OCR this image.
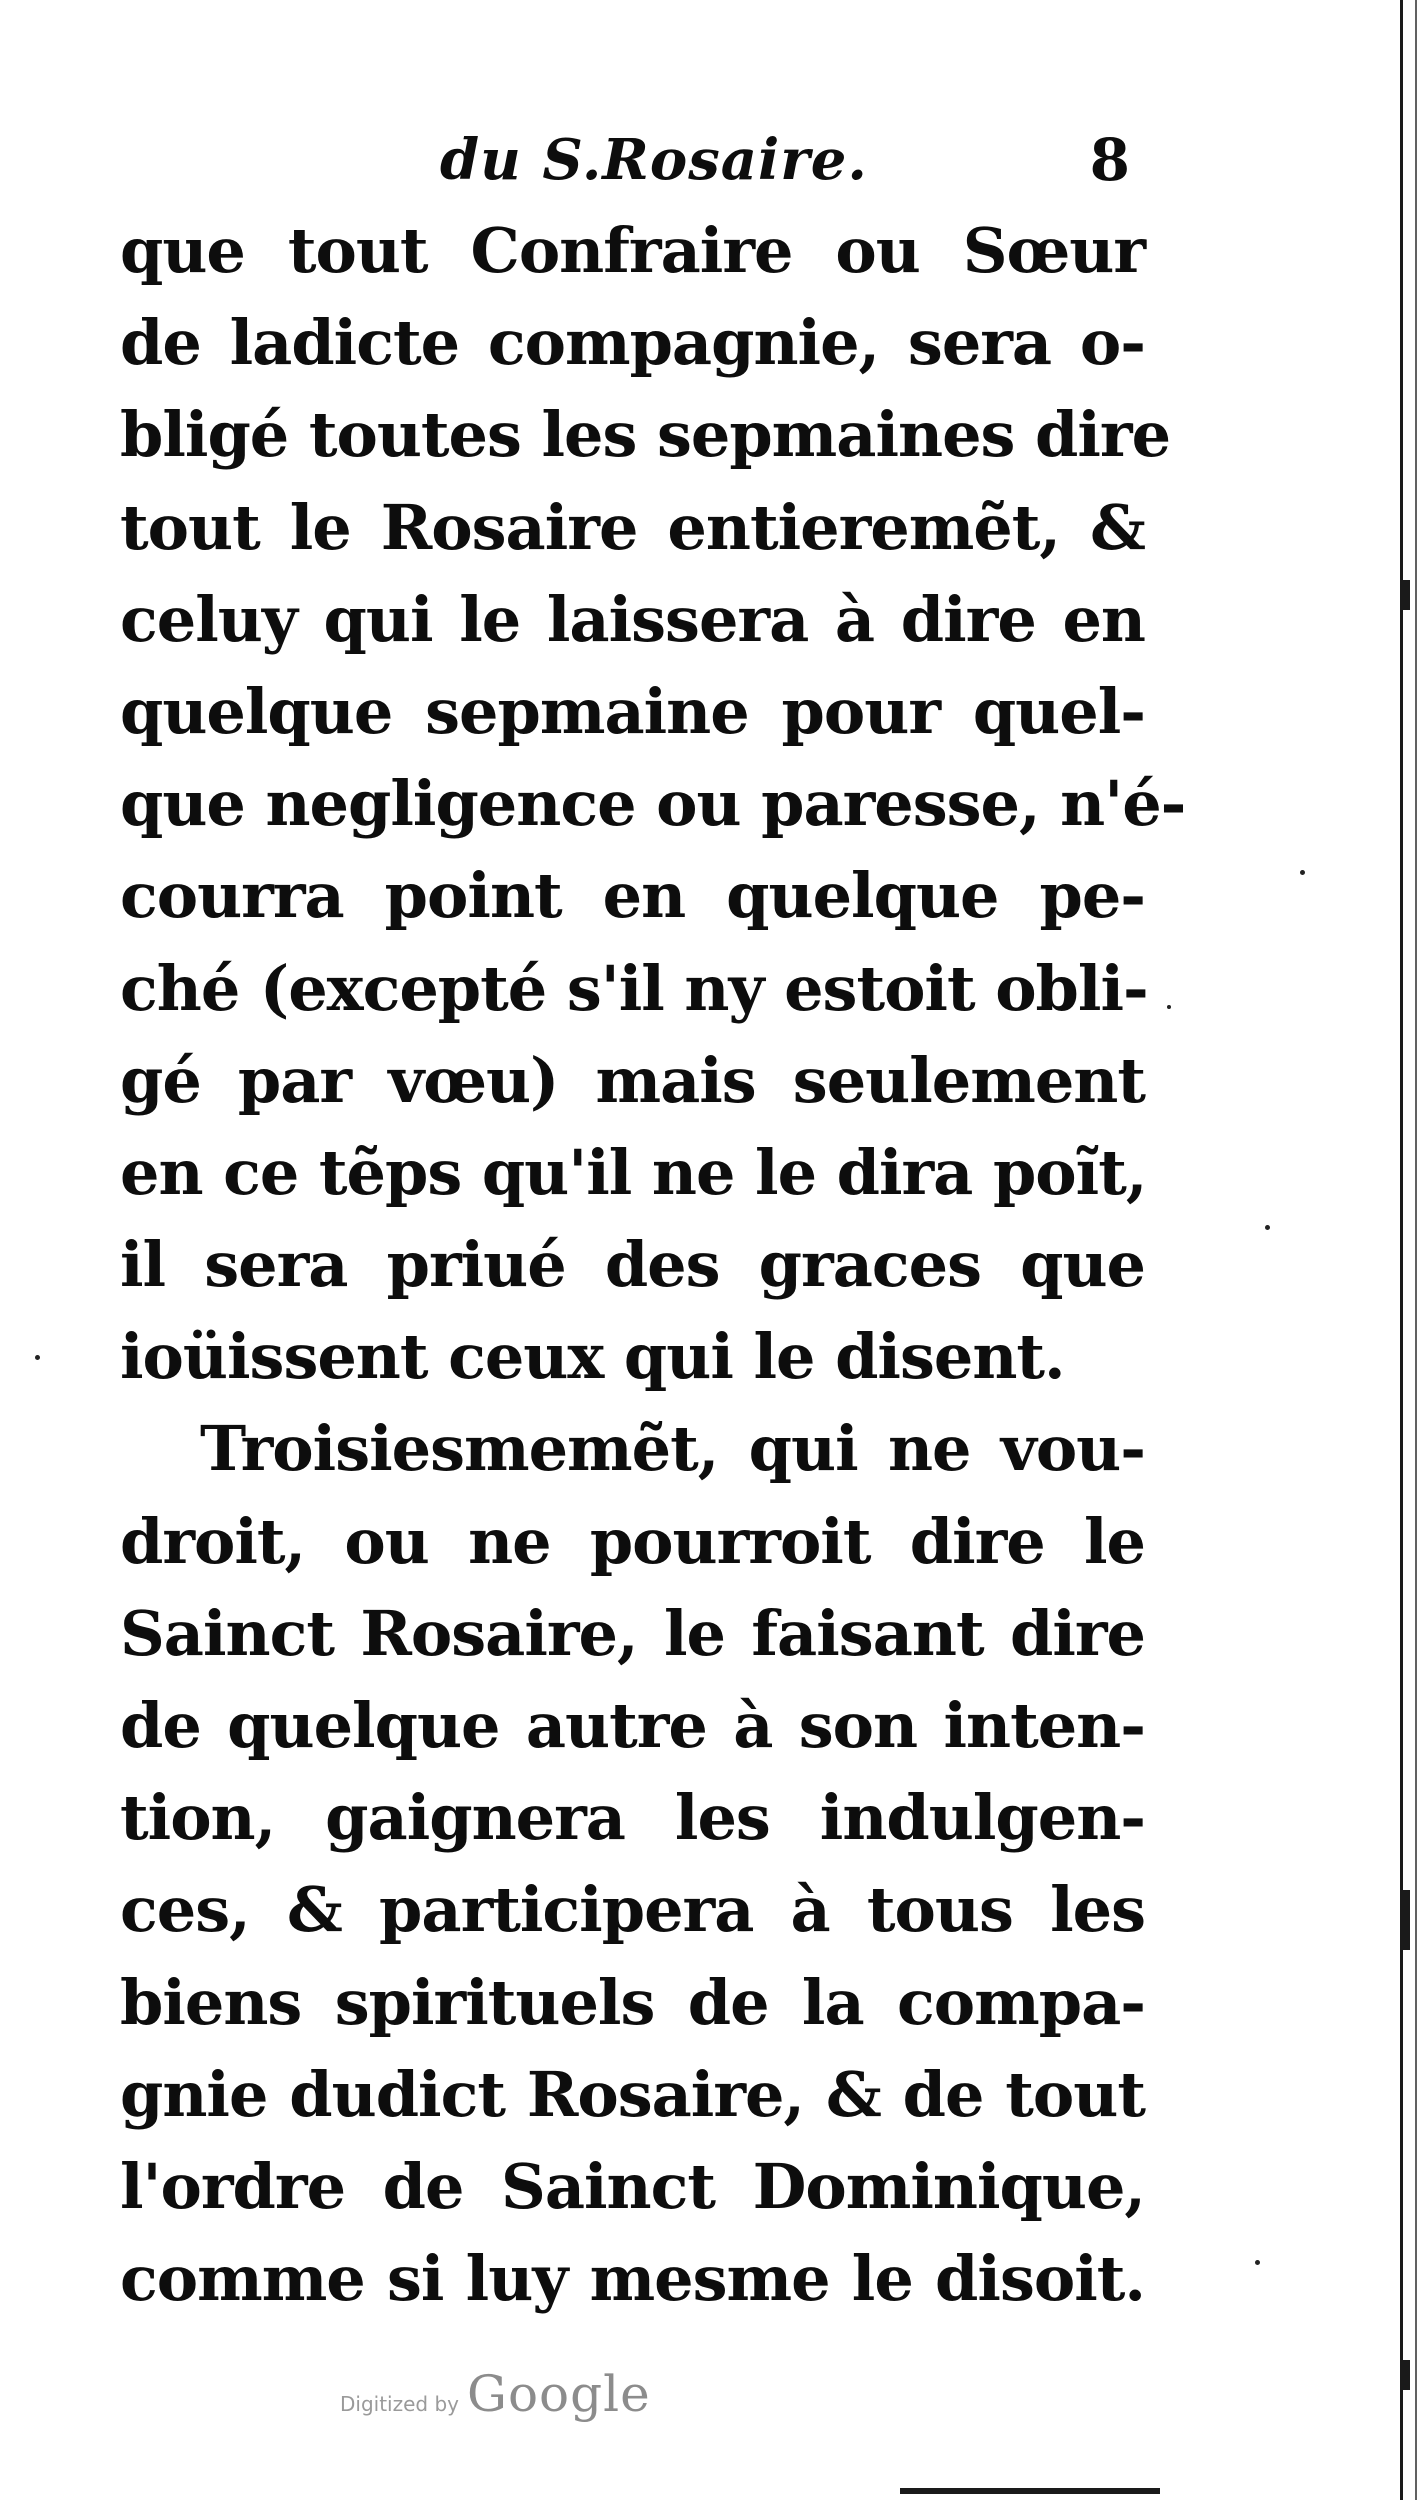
du S.Rosaire.	8
que tout Confraire ou Sœur
de ladicte compagnie, sera o-
bligé toutes les sepmaines dire
tout le Rosaire entieremẽt, &
celuy qui le laissera à dire en
quelque sepmaine pour quel-
que negligence ou paresse, n'é-
courra point en quelque pe-
ché (excepté s'il ny estoit obli-
gé par vœu) mais seulement
en ce tẽps qu'il ne le dira poĩt,
il sera priué des graces que
ioüissent ceux qui le disent.
Troisiesmemẽt, qui ne vou-
droit, ou ne pourroit dire le
Sainct Rosaire, le faisant dire
de quelque autre à son inten-
tion, gaignera les indulgen-
ces, & participera à tous les
biens spirituels de la compa-
gnie dudict Rosaire, & de tout
l'ordre de Sainct Dominique,
comme si luy mesme le disoit.
Digitized by Google
